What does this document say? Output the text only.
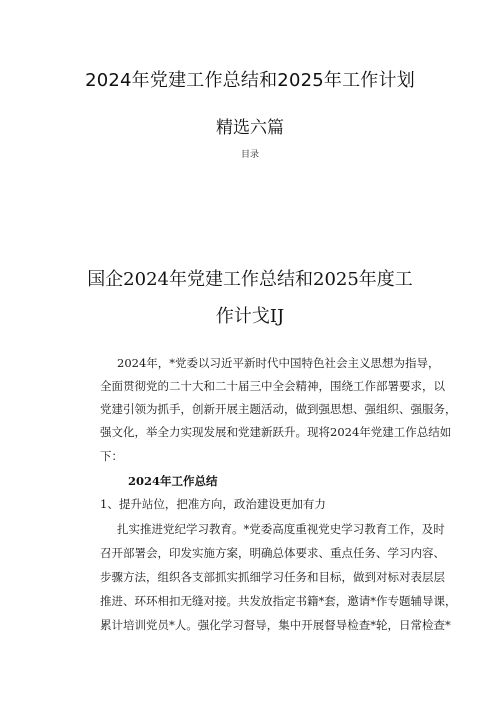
2024年党建工作总结和2025年工作计划
精选六篇
目录
国企2024年党建工作总结和2025年度工
作计戈IJ
2024年，*党委以习近平新时代中国特色社会主义思想为指导，
全面贯彻党的二十大和二十届三中全会精神，围绕工作部署要求，以
党建引领为抓手，创新开展主题活动，做到强思想、强组织、强服务，
强文化，举全力实现发展和党建新跃升。现将2024年党建工作总结如
下：
2024年工作总结
1、提升站位，把准方向，政治建设更加有力
扎实推进党纪学习教育。*党委高度重视党史学习教育工作，及时
召开部署会，印发实施方案，明确总体要求、重点任务、学习内容、
步骤方法，组织各支部抓实抓细学习任务和目标，做到对标对表层层
推进、环环相扣无缝对接。共发放指定书籍*套，邀请*作专题辅导课，
累计培训党员*人。强化学习督导，集中开展督导检查*轮，日常检查*
